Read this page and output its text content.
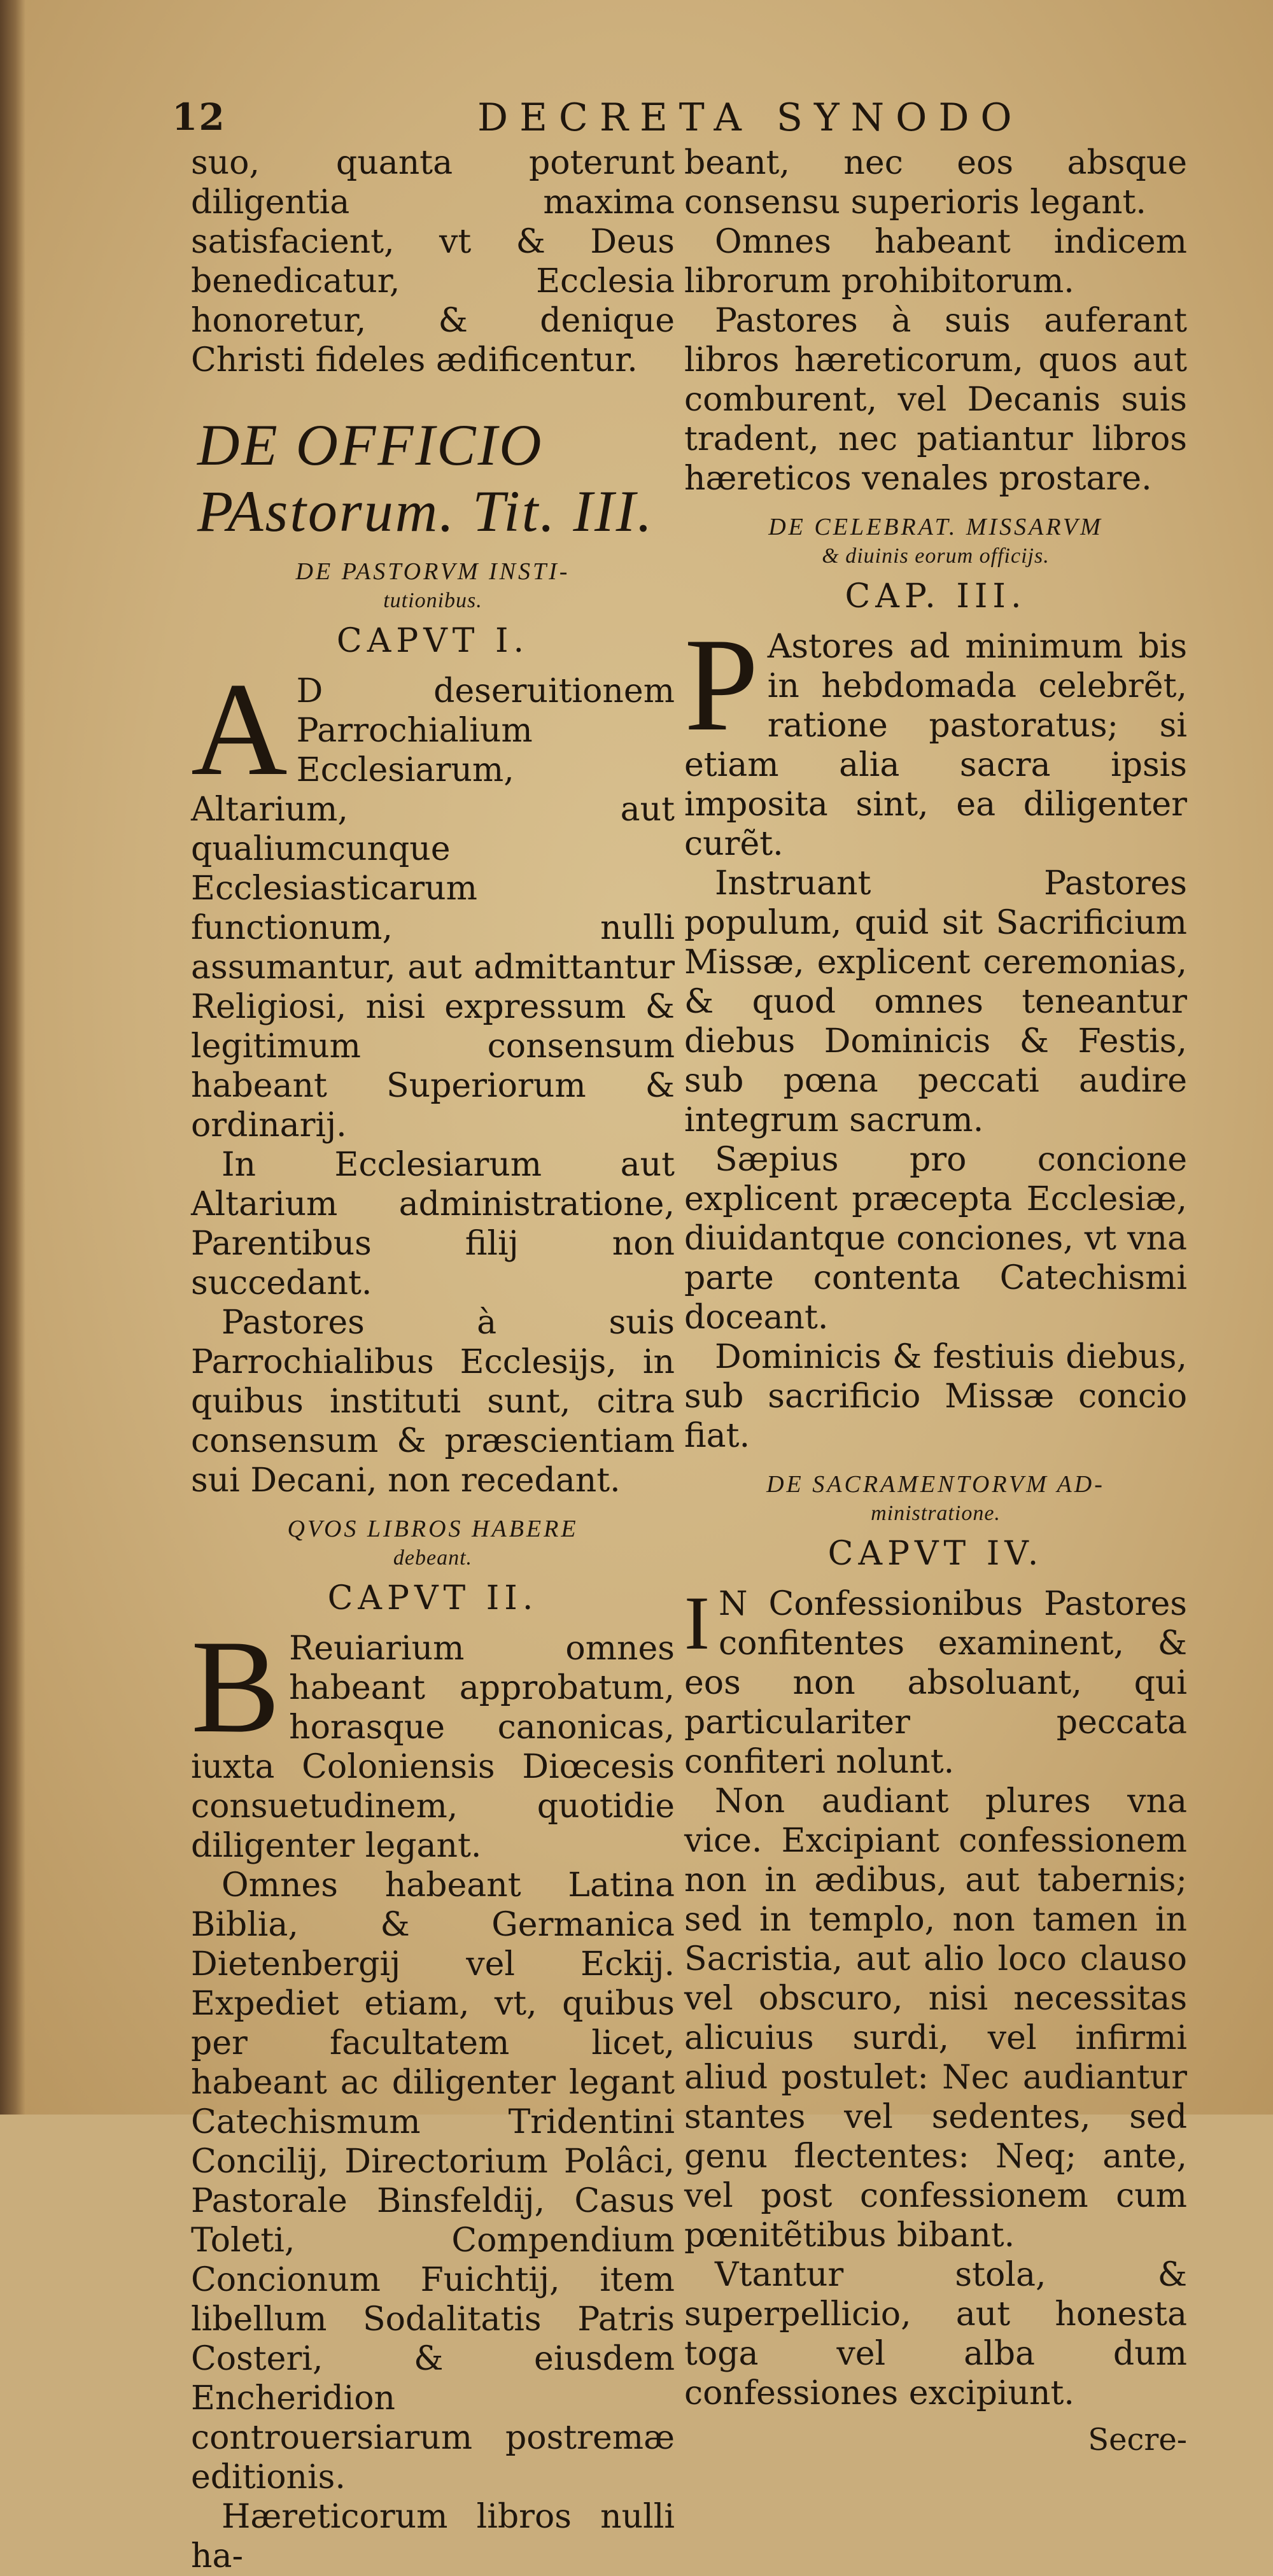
12	DECRETA SYNODO

suo, quanta poterunt diligentia maxima satisfacient, vt & Deus benedicatur, Ecclesia honoretur, & denique Christi fideles ædificentur.

DE OFFICIO PAstorum. Tit. III.
DE PASTORVM INSTI-
tutionibus.
CAPVT I.

A D deseruitionem Parrochialium Ecclesiarum, Altarium, aut qualiumcunque Ecclesiasticarum functionum, nulli assumantur, aut admittantur Religiosi, nisi expressum & legitimum consensum habeant Superiorum & ordinarij.

In Ecclesiarum aut Altarium administratione, Parentibus filij non succedant.

Pastores à suis Parrochialibus Ecclesijs, in quibus instituti sunt, citra consensum & præscientiam sui Decani, non recedant.

QVOS LIBROS HABERE
debeant.
CAPVT II.

B Reuiarium omnes habeant approbatum, horasque canonicas, iuxta Coloniensis Diœcesis consuetudinem, quotidie diligenter legant.

Omnes habeant Latina Biblia, & Germanica Dietenbergij vel Eckij. Expediet etiam, vt, quibus per facultatem licet, habeant ac diligenter legant Catechismum Tridentini Concilij, Directorium Polâci, Pastorale Binsfeldij, Casus Toleti, Compendium Concionum Fuichtij, item libellum Sodalitatis Patris Costeri, & eiusdem Encheridion controuersiarum postremæ editionis.

Hæreticorum libros nulli ha-

beant, nec eos absque consensu superioris legant.

Omnes habeant indicem librorum prohibitorum.

Pastores à suis auferant libros hæreticorum, quos aut comburent, vel Decanis suis tradent, nec patiantur libros hæreticos venales prostare.

DE CELEBRAT. MISSARVM
& diuinis eorum officijs.
CAP. III.

P Astores ad minimum bis in hebdomada celebrẽt, ratione pastoratus; si etiam alia sacra ipsis imposita sint, ea diligenter curẽt.

Instruant Pastores populum, quid sit Sacrificium Missæ, explicent ceremonias, & quod omnes teneantur diebus Dominicis & Festis, sub pœna peccati audire integrum sacrum.

Sæpius pro concione explicent præcepta Ecclesiæ, diuidantque conciones, vt vna parte contenta Catechismi doceant.

Dominicis & festiuis diebus, sub sacrificio Missæ concio fiat.

DE SACRAMENTORVM AD-
ministratione.
CAPVT IV.

I N Confessionibus Pastores confitentes examinent, & eos non absoluant, qui particulariter peccata confiteri nolunt.

Non audiant plures vna vice. Excipiant confessionem non in ædibus, aut tabernis; sed in templo, non tamen in Sacristia, aut alio loco clauso vel obscuro, nisi necessitas alicuius surdi, vel infirmi aliud postulet: Nec audiantur stantes vel sedentes, sed genu flectentes: Neq; ante, vel post confessionem cum pœnitẽtibus bibant.

Vtantur stola, & superpellicio, aut honesta toga vel alba dum confessiones excipiunt.

Secre-
